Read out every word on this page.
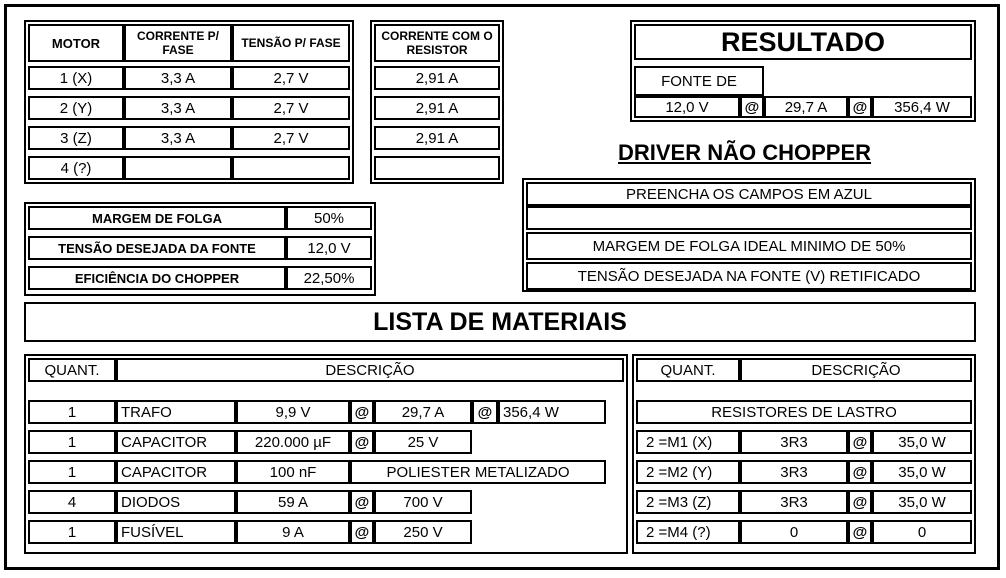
MOTOR	CORRENTE P/ FASE	TENSÃO P/ FASE	CORRENTE COM O RESISTOR
1 (X)	3,3 A	2,7 V	2,91 A
2 (Y)	3,3 A	2,7 V	2,91 A
3 (Z)	3,3 A	2,7 V	2,91 A
4 (?)
MARGEM DE FOLGA	50%
TENSÃO DESEJADA DA FONTE	12,0 V
EFICIÊNCIA DO CHOPPER	22,50%
RESULTADO
FONTE DE
12,0 V	@	29,7 A	@	356,4 W
DRIVER NÃO CHOPPER
PREENCHA OS CAMPOS EM AZUL
MARGEM DE FOLGA IDEAL MINIMO DE 50%
TENSÃO DESEJADA NA FONTE (V) RETIFICADO
LISTA DE MATERIAIS
QUANT.	DESCRIÇÃO
1	TRAFO	9,9 V	@	29,7 A	@ 356,4 W
1	CAPACITOR	220.000 µF	@	25 V
1	CAPACITOR	100 nF	POLIESTER METALIZADO
4	DIODOS	59 A	@	700 V
1	FUSÍVEL	9 A	@	250 V
QUANT.	DESCRIÇÃO
RESISTORES DE LASTRO
2 =M1 (X)	3R3	@	35,0 W
2 =M2 (Y)	3R3	@	35,0 W
2 =M3 (Z)	3R3	@	35,0 W
2 =M4 (?)	0	@	0
